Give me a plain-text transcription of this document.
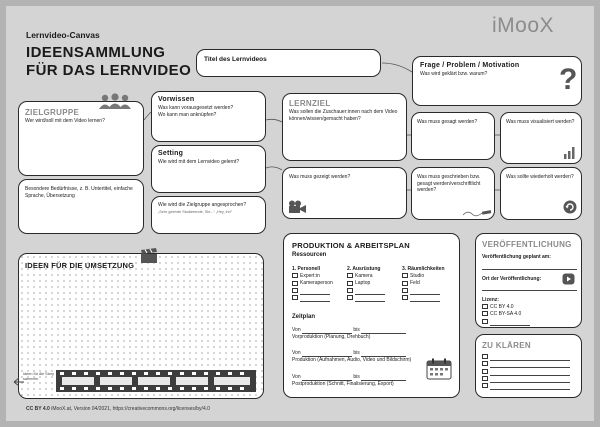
Lernvideo-Canvas
IDEENSAMMLUNG
FÜR DAS LERNVIDEO
iMooX
Titel des Lernvideos
Frage / Problem / Motivation
Was wird geklärt bzw. warum? ?
ZIELGRUPPE
Wer wird/soll mit dem Video lernen?
Vorwissen
Was kann vorausgesetzt werden?
Wo kann man anknüpfen?
LERNZIEL
Was sollen die Zuschauer:innen nach dem Video können/wissen/gemacht haben?
Was muss gesagt werden?	Was muss visualisiert werden?
Setting
Wie wird mit dem Lernvideo gelernt?
Besondere Bedürfnisse, z. B. Untertitel, einfache Sprache, Übersetzung
Wie wird die Zielgruppe angesprochen?
„Sehr geehrte Studierende, Sie...“ „Hey, ihr!“
Was muss gezeigt werden?	Was muss geschrieben bzw. gesagt werden/verschriftlicht werden?
Was sollte wiederholt werden?
IDEEN FÜR DIE UMSETZUNG
Ideen für die Story sammeln
PRODUKTION & ARBEITSPLAN
Ressourcen
1. Personell
Expert:in
Kameraperson
2. Ausrüstung
Kamera
Laptop
3. Räumlichkeiten
Studio
Feld
Zeitplan
Von	bis
Vorproduktion (Planung, Drehbuch)
Von	bis
Produktion (Aufnahmen, Audio, Video und Bildschirm)
Von	bis
Postproduktion (Schnitt, Finalisierung, Export)
VERÖFFENTLICHUNG
Veröffentlichung geplant am:
Ort der Veröffentlichung:
Lizenz:
CC BY 4.0
CC BY-SA 4.0
ZU KLÄREN
CC BY 4.0 iMooX.at, Version 04/2021, https://creativecommons.org/licenses/by/4.0
